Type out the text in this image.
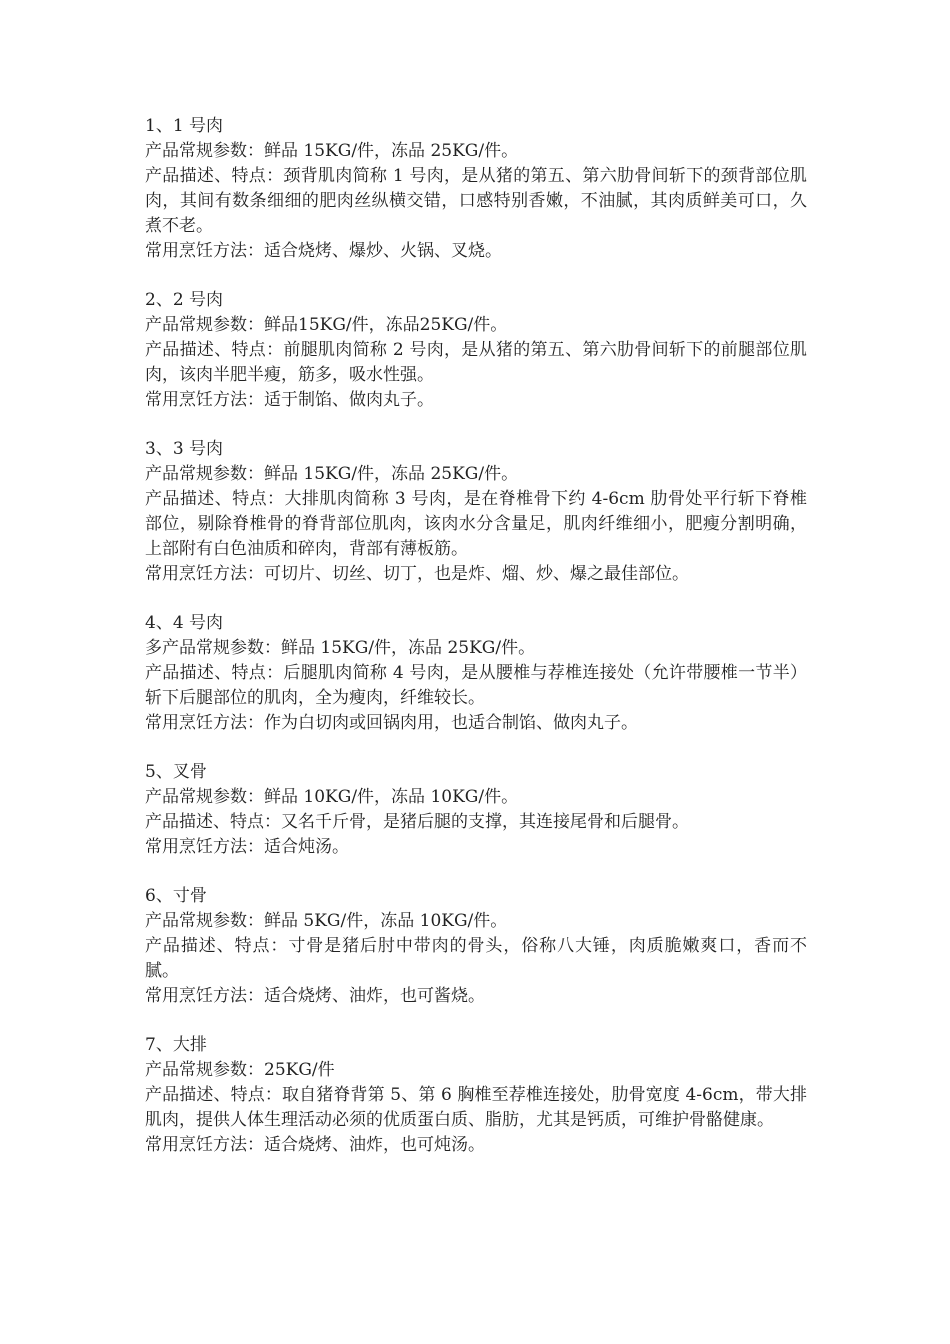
1、1 号肉

产品常规参数：鲜品 15KG/件，冻品 25KG/件。

产品描述、特点：颈背肌肉简称 1 号肉，是从猪的第五、第六肋骨间斩下的颈背部位肌肉，其间有数条细细的肥肉丝纵横交错，口感特别香嫩，不油腻，其肉质鲜美可口，久煮不老。

常用烹饪方法：适合烧烤、爆炒、火锅、叉烧。

2、2 号肉

产品常规参数：鲜品15KG/件，冻品25KG/件。

产品描述、特点：前腿肌肉简称 2 号肉，是从猪的第五、第六肋骨间斩下的前腿部位肌肉，该肉半肥半瘦，筋多，吸水性强。

常用烹饪方法：适于制馅、做肉丸子。

3、3 号肉

产品常规参数：鲜品 15KG/件，冻品 25KG/件。

产品描述、特点：大排肌肉简称 3 号肉，是在脊椎骨下约 4-6cm 肋骨处平行斩下脊椎部位，剔除脊椎骨的脊背部位肌肉，该肉水分含量足，肌肉纤维细小，肥瘦分割明确，上部附有白色油质和碎肉，背部有薄板筋。

常用烹饪方法：可切片、切丝、切丁，也是炸、熘、炒、爆之最佳部位。

4、4 号肉

多产品常规参数：鲜品 15KG/件，冻品 25KG/件。

产品描述、特点：后腿肌肉简称 4 号肉，是从腰椎与荐椎连接处（允许带腰椎一节半）斩下后腿部位的肌肉，全为瘦肉，纤维较长。

常用烹饪方法：作为白切肉或回锅肉用，也适合制馅、做肉丸子。

5、叉骨

产品常规参数：鲜品 10KG/件，冻品 10KG/件。

产品描述、特点：又名千斤骨，是猪后腿的支撑，其连接尾骨和后腿骨。

常用烹饪方法：适合炖汤。

6、寸骨

产品常规参数：鲜品 5KG/件，冻品 10KG/件。

产品描述、特点：寸骨是猪后肘中带肉的骨头，俗称八大锤，肉质脆嫩爽口，香而不腻。

常用烹饪方法：适合烧烤、油炸，也可酱烧。

7、大排

产品常规参数：25KG/件

产品描述、特点：取自猪脊背第 5、第 6 胸椎至荐椎连接处，肋骨宽度 4-6cm，带大排肌肉，提供人体生理活动必须的优质蛋白质、脂肪，尤其是钙质，可维护骨骼健康。

常用烹饪方法：适合烧烤、油炸，也可炖汤。
